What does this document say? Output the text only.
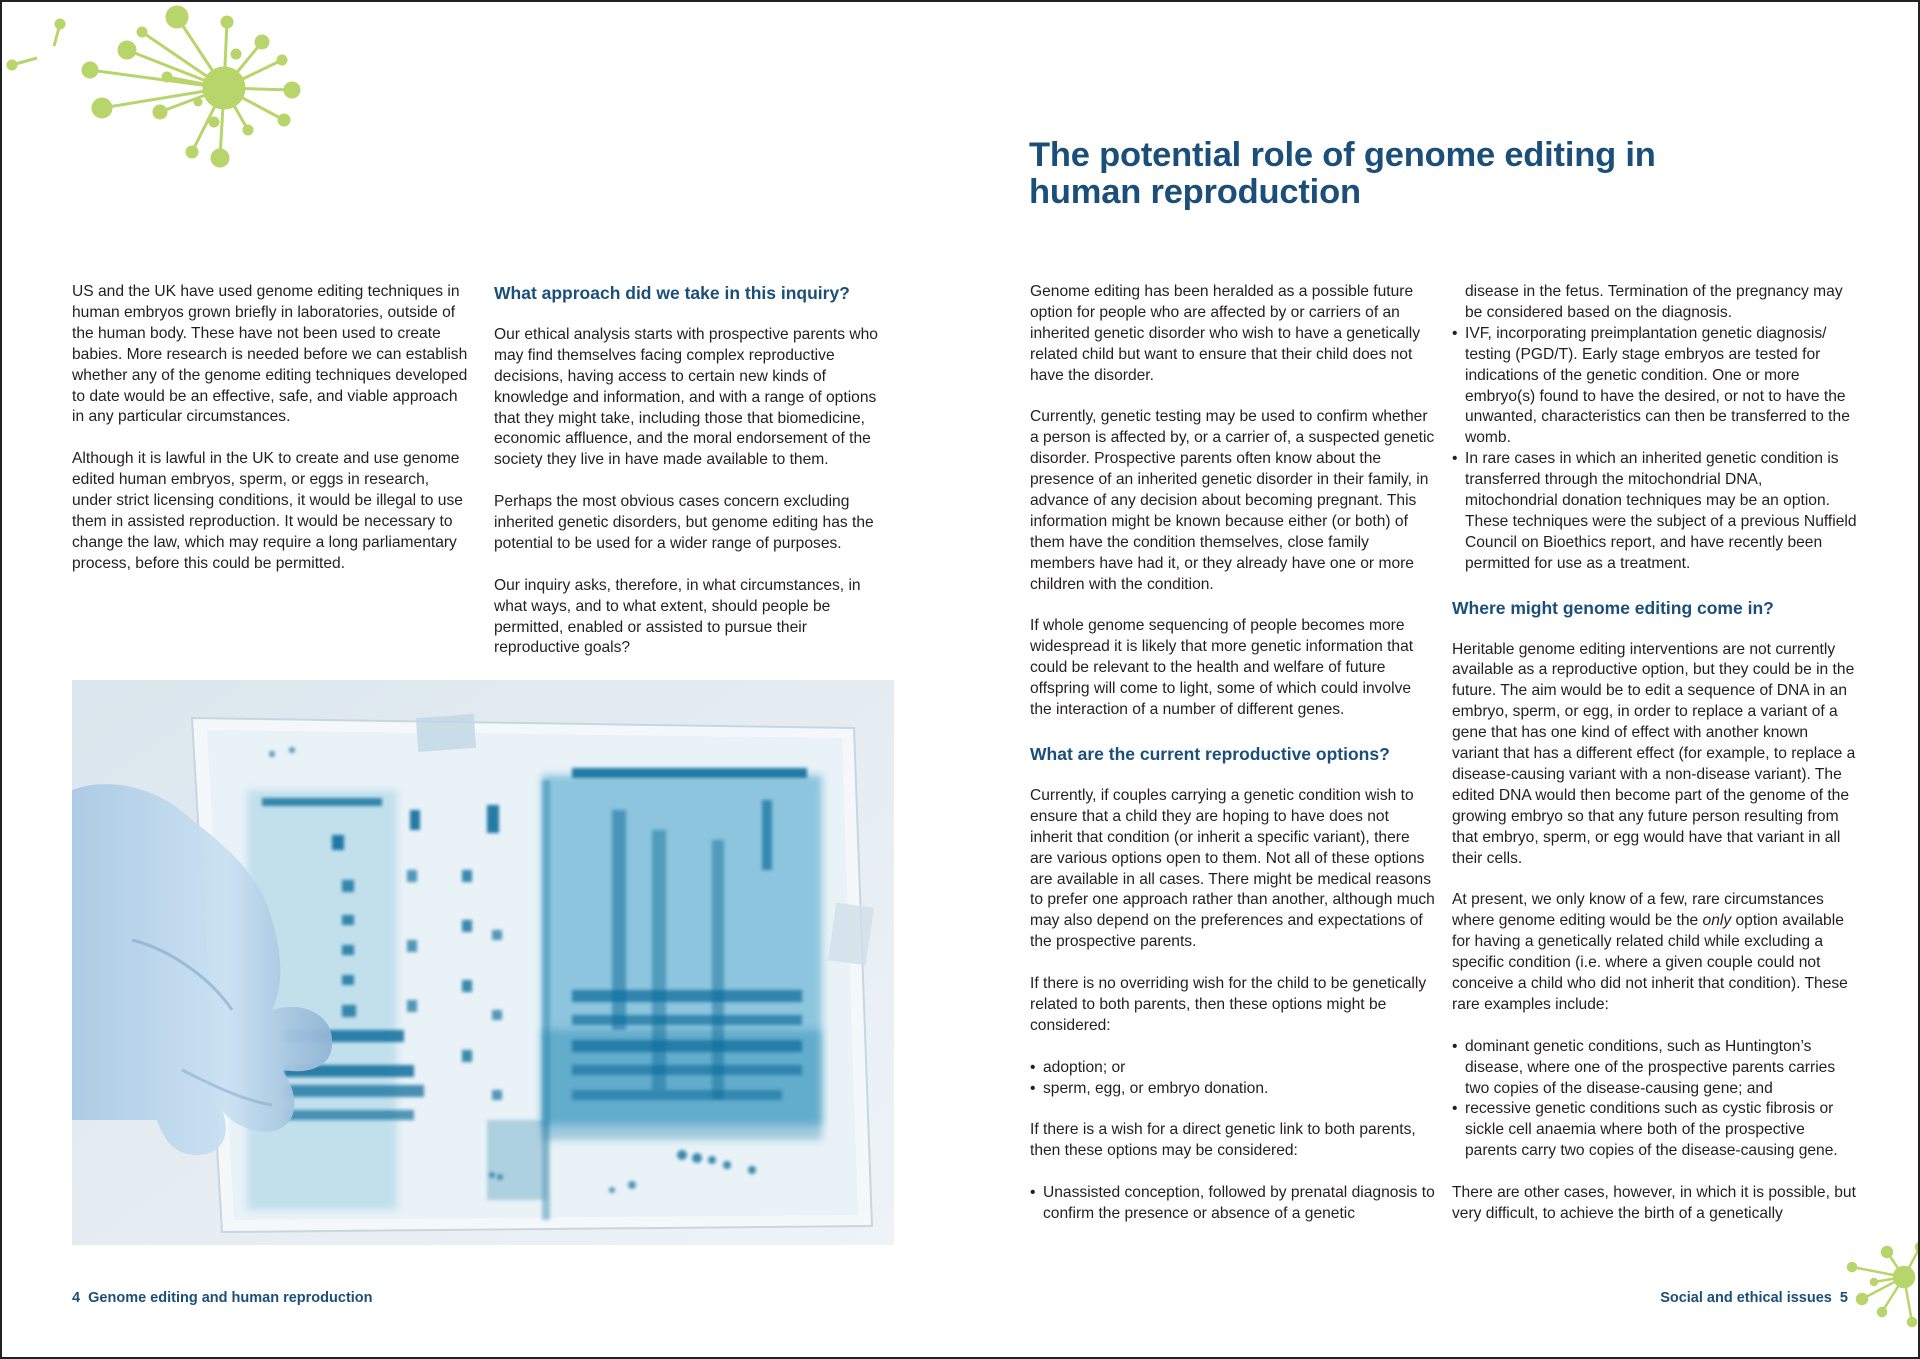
The potential role of genome editing in human reproduction

US and the UK have used genome editing techniques in human embryos grown briefly in laboratories, outside of the human body. These have not been used to create babies. More research is needed before we can establish whether any of the genome editing techniques developed to date would be an effective, safe, and viable approach in any particular circumstances.

Although it is lawful in the UK to create and use genome edited human embryos, sperm, or eggs in research, under strict licensing conditions, it would be illegal to use them in assisted reproduction. It would be necessary to change the law, which may require a long parliamentary process, before this could be permitted.

What approach did we take in this inquiry?

Our ethical analysis starts with prospective parents who may find themselves facing complex reproductive decisions, having access to certain new kinds of knowledge and information, and with a range of options that they might take, including those that biomedicine, economic affluence, and the moral endorsement of the society they live in have made available to them.

Perhaps the most obvious cases concern excluding inherited genetic disorders, but genome editing has the potential to be used for a wider range of purposes.

Our inquiry asks, therefore, in what circumstances, in what ways, and to what extent, should people be permitted, enabled or assisted to pursue their reproductive goals?

Genome editing has been heralded as a possible future option for people who are affected by or carriers of an inherited genetic disorder who wish to have a genetically related child but want to ensure that their child does not have the disorder.

Currently, genetic testing may be used to confirm whether a person is affected by, or a carrier of, a suspected genetic disorder. Prospective parents often know about the presence of an inherited genetic disorder in their family, in advance of any decision about becoming pregnant. This information might be known because either (or both) of them have the condition themselves, close family members have had it, or they already have one or more children with the condition.

If whole genome sequencing of people becomes more widespread it is likely that more genetic information that could be relevant to the health and welfare of future offspring will come to light, some of which could involve the interaction of a number of different genes.

What are the current reproductive options?

Currently, if couples carrying a genetic condition wish to ensure that a child they are hoping to have does not inherit that condition (or inherit a specific variant), there are various options open to them. Not all of these options are available in all cases. There might be medical reasons to prefer one approach rather than another, although much may also depend on the preferences and expectations of the prospective parents.

If there is no overriding wish for the child to be genetically related to both parents, then these options might be considered:

• adoption; or
• sperm, egg, or embryo donation.

If there is a wish for a direct genetic link to both parents, then these options may be considered:

• Unassisted conception, followed by prenatal diagnosis to confirm the presence or absence of a genetic

disease in the fetus. Termination of the pregnancy may be considered based on the diagnosis.

• IVF, incorporating preimplantation genetic diagnosis/ testing (PGD/T). Early stage embryos are tested for indications of the genetic condition. One or more embryo(s) found to have the desired, or not to have the unwanted, characteristics can then be transferred to the womb.
• In rare cases in which an inherited genetic condition is transferred through the mitochondrial DNA, mitochondrial donation techniques may be an option. These techniques were the subject of a previous Nuffield Council on Bioethics report, and have recently been permitted for use as a treatment.
Where might genome editing come in?

Heritable genome editing interventions are not currently available as a reproductive option, but they could be in the future. The aim would be to edit a sequence of DNA in an embryo, sperm, or egg, in order to replace a variant of a gene that has one kind of effect with another known variant that has a different effect (for example, to replace a disease-causing variant with a non-disease variant). The edited DNA would then become part of the genome of the growing embryo so that any future person resulting from that embryo, sperm, or egg would have that variant in all their cells.

At present, we only know of a few, rare circumstances where genome editing would be the only option available for having a genetically related child while excluding a specific condition (i.e. where a given couple could not conceive a child who did not inherit that condition). These rare examples include:

• dominant genetic conditions, such as Huntington’s disease, where one of the prospective parents carries two copies of the disease-causing gene; and
• recessive genetic conditions such as cystic fibrosis or sickle cell anaemia where both of the prospective parents carry two copies of the disease-causing gene.

There are other cases, however, in which it is possible, but very difficult, to achieve the birth of a genetically

4 Genome editing and human reproduction	Social and ethical issues 5
